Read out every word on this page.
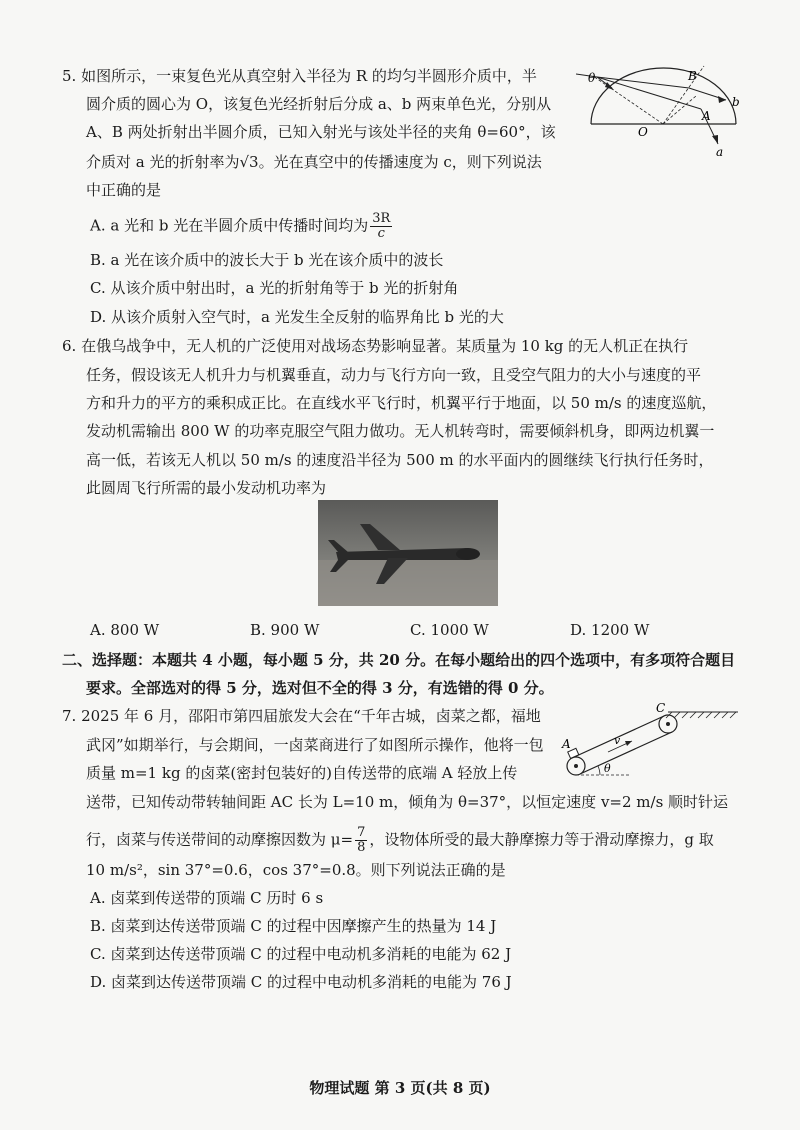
5. 如图所示，一束复色光从真空射入半径为 R 的均匀半圆形介质中，半
圆介质的圆心为 O，该复色光经折射后分成 a、b 两束单色光，分别从
A、B 两处折射出半圆介质，已知入射光与该处半径的夹角 θ=60°，该
介质对 a 光的折射率为√3。光在真空中的传播速度为 c，则下列说法
中正确的是
A. a 光和 b 光在半圆介质中传播时间均为 $\frac{3R}{c}$
B. a 光在该介质中的波长大于 b 光在该介质中的波长
C. 从该介质中射出时，a 光的折射角等于 b 光的折射角
D. 从该介质射入空气时，a 光发生全反射的临界角比 b 光的大
θ	B
b
A
O
a
6. 在俄乌战争中，无人机的广泛使用对战场态势影响显著。某质量为 10 kg 的无人机正在执行
任务，假设该无人机升力与机翼垂直，动力与飞行方向一致，且受空气阻力的大小与速度的平
方和升力的平方的乘积成正比。在直线水平飞行时，机翼平行于地面，以 50 m/s 的速度巡航，
发动机需输出 800 W 的功率克服空气阻力做功。无人机转弯时，需要倾斜机身，即两边机翼一
高一低，若该无人机以 50 m/s 的速度沿半径为 500 m 的水平面内的圆继续飞行执行任务时，
此圆周飞行所需的最小发动机功率为
A. 800 W	B. 900 W	C. 1000 W	D. 1200 W
二、选择题：本题共 4 小题，每小题 5 分，共 20 分。在每小题给出的四个选项中，有多项符合题目
要求。全部选对的得 5 分，选对但不全的得 3 分，有选错的得 0 分。
7. 2025 年 6 月，邵阳市第四届旅发大会在“千年古城，卤菜之都，福地
武冈”如期举行，与会期间，一卤菜商进行了如图所示操作，他将一包
质量 m=1 kg 的卤菜(密封包装好的)自传送带的底端 A 轻放上传
送带，已知传动带转轴间距 AC 长为 L=10 m，倾角为 θ=37°，以恒定速度 v=2 m/s 顺时针运
行，卤菜与传送带间的动摩擦因数为 $\mu= \frac{7}{8}$ ，设物体所受的最大静摩擦力等于滑动摩擦力，g 取
10 m/s²，sin 37°=0.6，cos 37°=0.8。则下列说法正确的是
A. 卤菜到传送带的顶端 C 历时 6 s
B. 卤菜到达传送带顶端 C 的过程中因摩擦产生的热量为 14 J
C. 卤菜到达传送带顶端 C 的过程中电动机多消耗的电能为 62 J
D. 卤菜到达传送带顶端 C 的过程中电动机多消耗的电能为 76 J
C
A	v
θ
物理试题 第 3 页(共 8 页)
